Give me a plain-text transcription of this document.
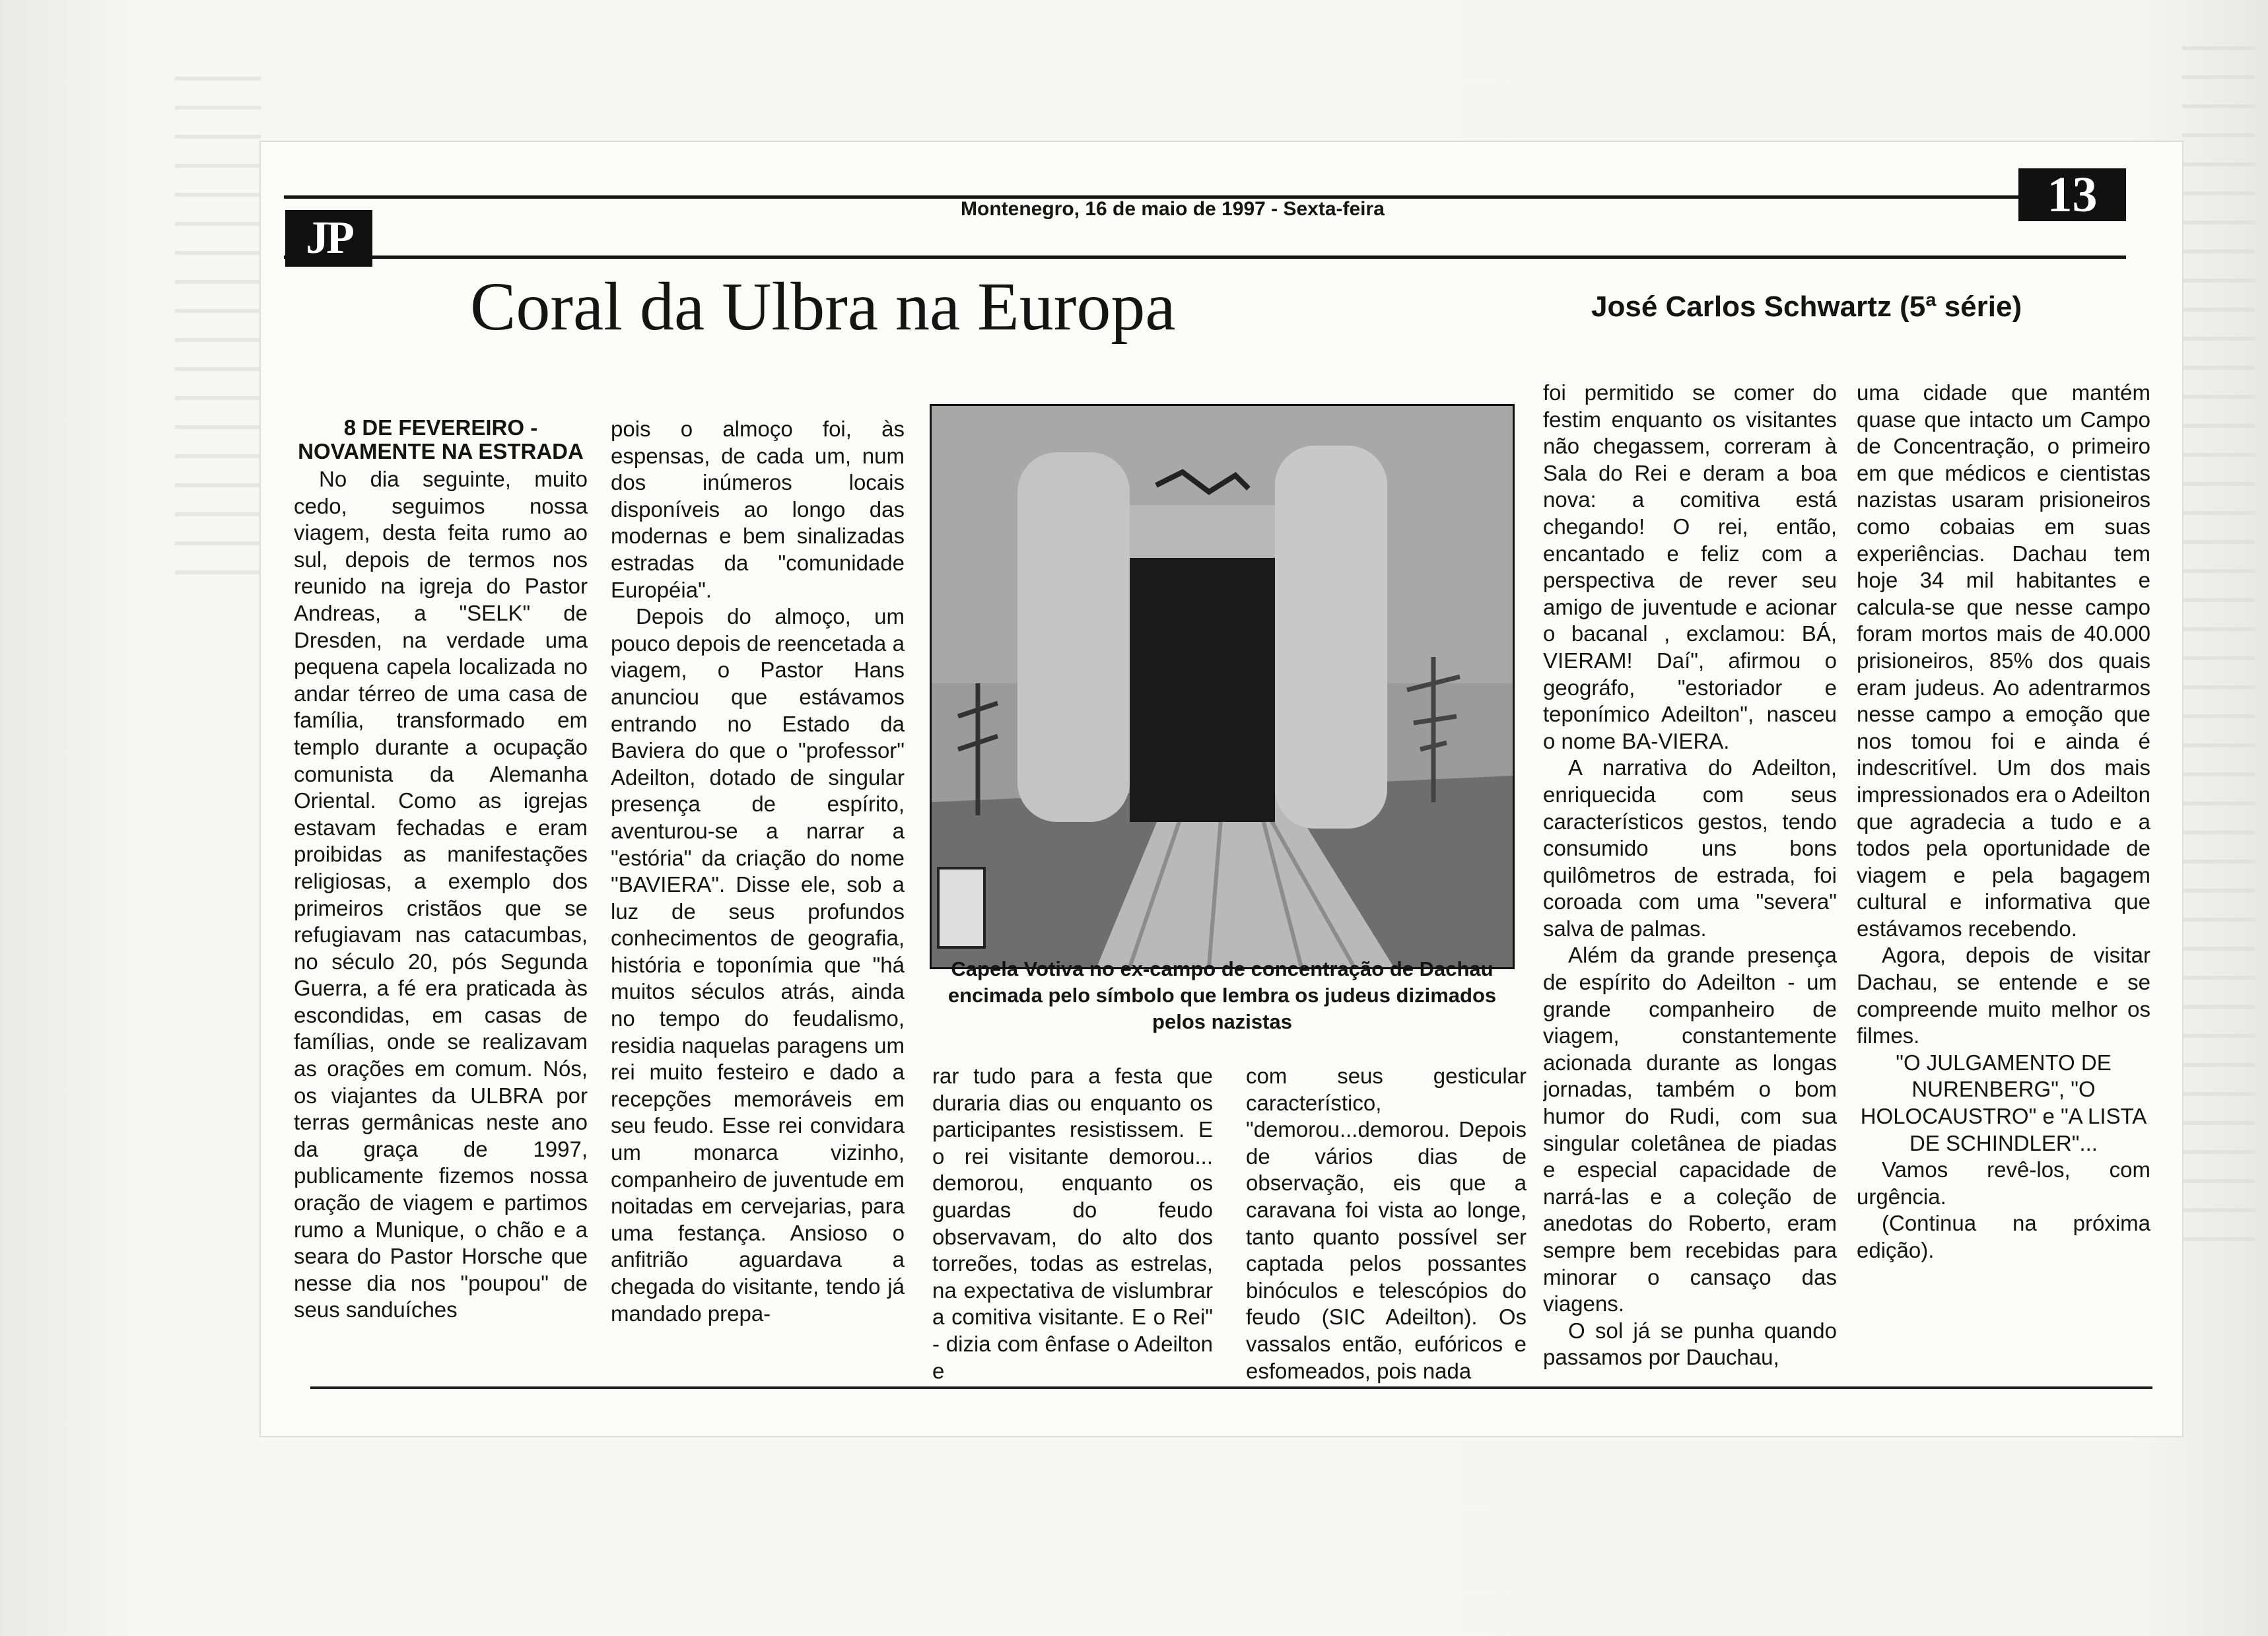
JP
Montenegro, 16 de maio de 1997 - Sexta-feira	13
Coral da Ulbra na Europa	José Carlos Schwartz (5ª série)
8 DE FEVEREIRO - NOVAMENTE NA ESTRADA

No dia seguinte, muito cedo, seguimos nossa viagem, desta feita rumo ao sul, depois de termos nos reunido na igreja do Pastor Andreas, a "SELK" de Dresden, na verdade uma pequena capela localizada no andar térreo de uma casa de família, transformado em templo durante a ocupação comunista da Alemanha Oriental. Como as igrejas estavam fechadas e eram proibidas as manifestações religiosas, a exemplo dos primeiros cristãos que se refugiavam nas catacumbas, no século 20, pós Segunda Guerra, a fé era praticada às escondidas, em casas de famílias, onde se realizavam as orações em comum. Nós, os viajantes da ULBRA por terras germânicas neste ano da graça de 1997, publicamente fizemos nossa oração de viagem e partimos rumo a Munique, o chão e a seara do Pastor Horsche que nesse dia nos "poupou" de seus sanduíches

pois o almoço foi, às espensas, de cada um, num dos inúmeros locais disponíveis ao longo das modernas e bem sinalizadas estradas da "comunidade Européia".

Depois do almoço, um pouco depois de reencetada a viagem, o Pastor Hans anunciou que estávamos entrando no Estado da Baviera do que o "professor" Adeilton, dotado de singular presença de espírito, aventurou-se a narrar a "estória" da criação do nome "BAVIERA". Disse ele, sob a luz de seus profundos conhecimentos de geografia, história e toponímia que "há muitos séculos atrás, ainda no tempo do feudalismo, residia naquelas paragens um rei muito festeiro e dado a recepções memoráveis em seu feudo. Esse rei convidara um monarca vizinho, companheiro de juventude em noitadas em cervejarias, para uma festança. Ansioso o anfitrião aguardava a chegada do visitante, tendo já mandado prepa-

Capela Votiva no ex-campo de concentração de Dachau encimada pelo símbolo que lembra os judeus dizimados pelos nazistas

rar tudo para a festa que duraria dias ou enquanto os participantes resistissem. E o rei visitante demorou... demorou, enquanto os guardas do feudo observavam, do alto dos torreões, todas as estrelas, na expectativa de vislumbrar a comitiva visitante. E o Rei" - dizia com ênfase o Adeilton e

com seus gesticular característico, "demorou...demorou. Depois de vários dias de observação, eis que a caravana foi vista ao longe, tanto quanto possível ser captada pelos possantes binóculos e telescópios do feudo (SIC Adeilton). Os vassalos então, eufóricos e esfomeados, pois nada

foi permitido se comer do festim enquanto os visitantes não chegassem, correram à Sala do Rei e deram a boa nova: a comitiva está chegando! O rei, então, encantado e feliz com a perspectiva de rever seu amigo de juventude e acionar o bacanal , exclamou: BÁ, VIERAM! Daí", afirmou o geográfo, "estoriador e teponímico Adeilton", nasceu o nome BA-VIERA.

A narrativa do Adeilton, enriquecida com seus característicos gestos, tendo consumido uns bons quilômetros de estrada, foi coroada com uma "severa" salva de palmas.

Além da grande presença de espírito do Adeilton - um grande companheiro de viagem, constantemente acionada durante as longas jornadas, também o bom humor do Rudi, com sua singular coletânea de piadas e especial capacidade de narrá-las e a coleção de anedotas do Roberto, eram sempre bem recebidas para minorar o cansaço das viagens.

O sol já se punha quando passamos por Dauchau,

uma cidade que mantém quase que intacto um Campo de Concentração, o primeiro em que médicos e cientistas nazistas usaram prisioneiros como cobaias em suas experiências. Dachau tem hoje 34 mil habitantes e calcula-se que nesse campo foram mortos mais de 40.000 prisioneiros, 85% dos quais eram judeus. Ao adentrarmos nesse campo a emoção que nos tomou foi e ainda é indescritível. Um dos mais impressionados era o Adeilton que agradecia a tudo e a todos pela oportunidade de viagem e pela bagagem cultural e informativa que estávamos recebendo.

Agora, depois de visitar Dachau, se entende e se compreende muito melhor os filmes.

"O JULGAMENTO DE NURENBERG", "O HOLOCAUSTRO" e "A LISTA DE SCHINDLER"...

Vamos revê-los, com urgência.

(Continua na próxima edição).
